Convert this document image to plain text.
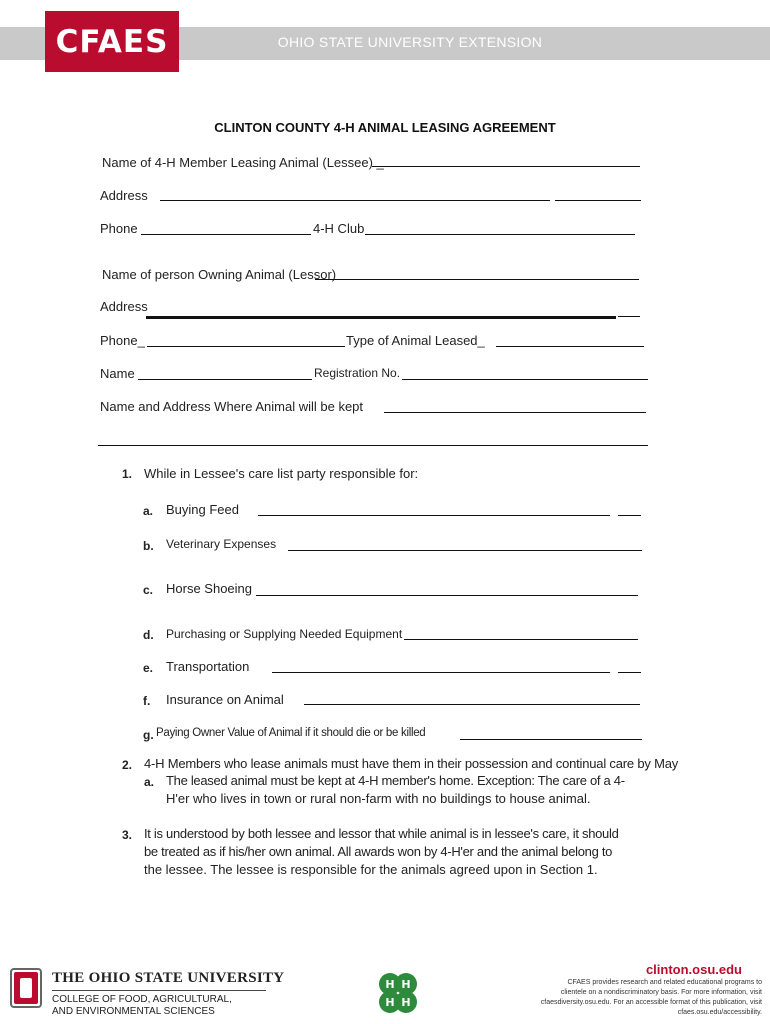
OHIO STATE UNIVERSITY EXTENSION
CFAES
CLINTON COUNTY 4-H ANIMAL LEASING AGREEMENT
Name of 4-H Member Leasing Animal (Lessee) _
Address
Phone	4-H Club
Name of person Owning Animal (Lessor)
Address
Phone_	Type of Animal Leased_
Name	Registration No.
Name and Address Where Animal will be kept
1. While in Lessee's care list party responsible for:
a. Buying Feed
b. Veterinary Expenses
c. Horse Shoeing
d. Purchasing or Supplying Needed Equipment
e. Transportation
f. Insurance on Animal
g. Paying Owner Value of Animal if it should die or be killed
2. 4-H Members who lease animals must have them in their possession and continual care by May
a. The leased animal must be kept at 4-H member's home. Exception: The care of a 4-
H'er who lives in town or rural non-farm with no buildings to house animal.
3. It is understood by both lessee and lessor that while animal is in lessee's care, it should
be treated as if his/her own animal. All awards won by 4-H'er and the animal belong to
the lessee. The lessee is responsible for the animals agreed upon in Section 1.
THE OHIO STATE UNIVERSITY
COLLEGE OF FOOD, AGRICULTURAL,
AND ENVIRONMENTAL SCIENCES
H H
H H
clinton.osu.edu
CFAES provides research and related educational programs to clientele on a nondiscriminatory basis. For more information, visit cfaesdiversity.osu.edu. For an accessible format of this publication, visit cfaes.osu.edu/accessibility.
